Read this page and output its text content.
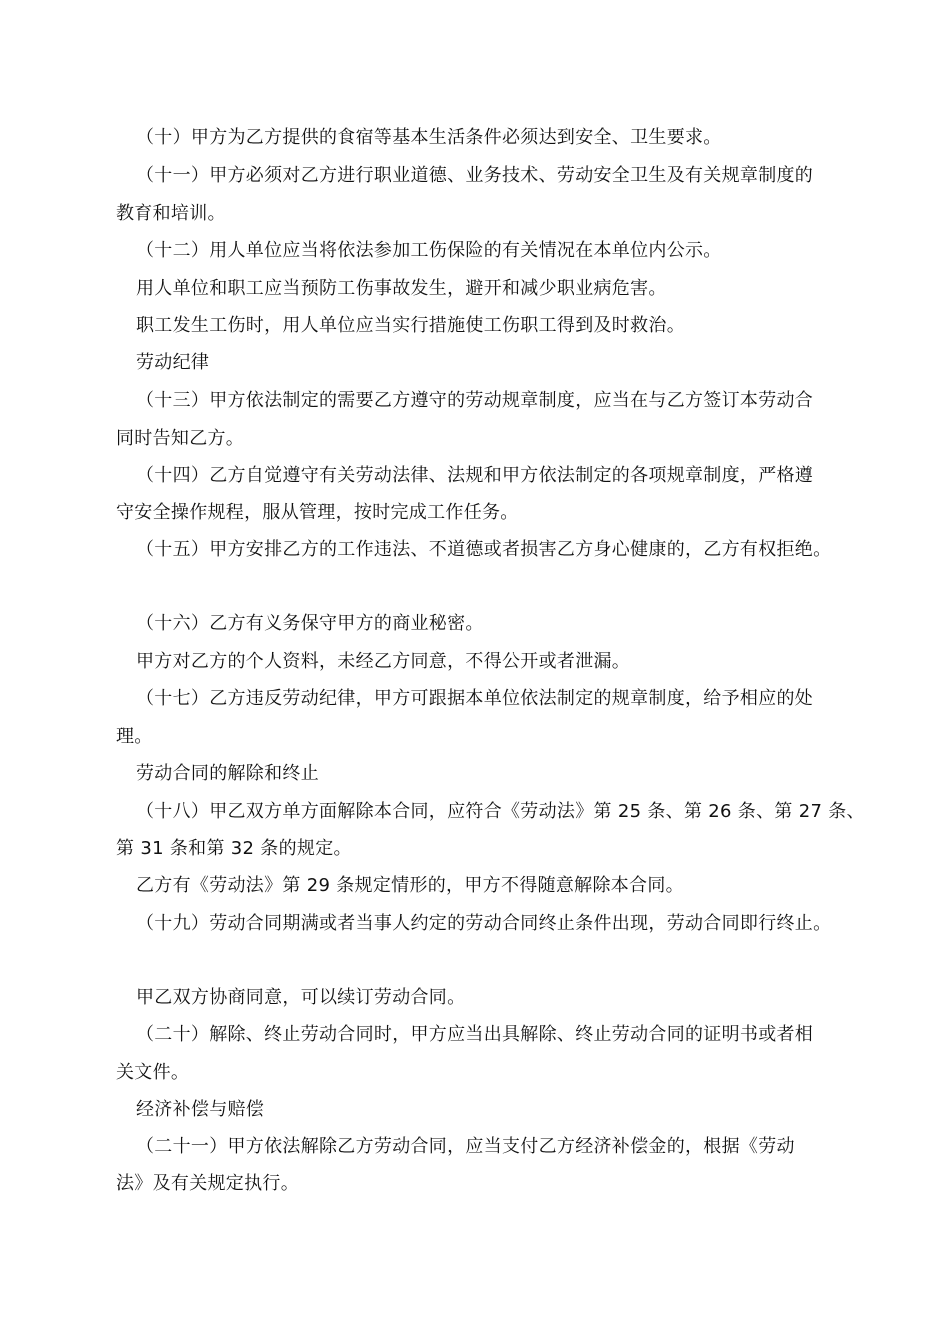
（十）甲方为乙方提供的食宿等基本生活条件必须达到安全、卫生要求。
（十一）甲方必须对乙方进行职业道德、业务技术、劳动安全卫生及有关规章制度的
教育和培训。
（十二）用人单位应当将依法参加工伤保险的有关情况在本单位内公示。
用人单位和职工应当预防工伤事故发生，避开和减少职业病危害。
职工发生工伤时，用人单位应当实行措施使工伤职工得到及时救治。
劳动纪律
（十三）甲方依法制定的需要乙方遵守的劳动规章制度，应当在与乙方签订本劳动合
同时告知乙方。
（十四）乙方自觉遵守有关劳动法律、法规和甲方依法制定的各项规章制度，严格遵
守安全操作规程，服从管理，按时完成工作任务。
（十五）甲方安排乙方的工作违法、不道德或者损害乙方身心健康的，乙方有权拒绝。
（十六）乙方有义务保守甲方的商业秘密。
甲方对乙方的个人资料，未经乙方同意，不得公开或者泄漏。
（十七）乙方违反劳动纪律，甲方可跟据本单位依法制定的规章制度，给予相应的处
理。
劳动合同的解除和终止
（十八）甲乙双方单方面解除本合同，应符合《劳动法》第 25 条、第 26 条、第 27 条、
第 31 条和第 32 条的规定。
乙方有《劳动法》第 29 条规定情形的，甲方不得随意解除本合同。
（十九）劳动合同期满或者当事人约定的劳动合同终止条件出现，劳动合同即行终止。
甲乙双方协商同意，可以续订劳动合同。
（二十）解除、终止劳动合同时，甲方应当出具解除、终止劳动合同的证明书或者相
关文件。
经济补偿与赔偿
（二十一）甲方依法解除乙方劳动合同，应当支付乙方经济补偿金的，根据《劳动
法》及有关规定执行。
